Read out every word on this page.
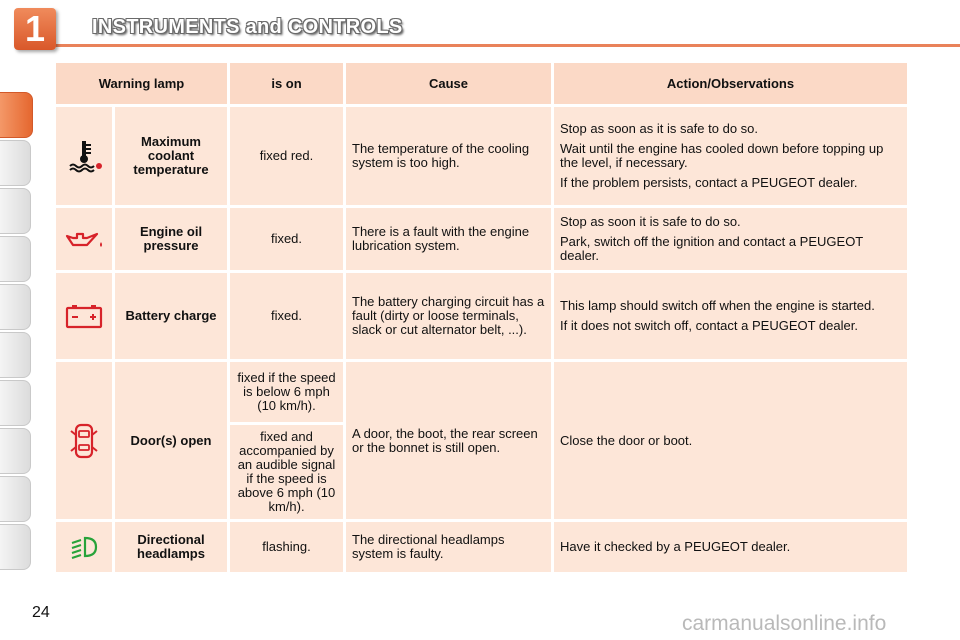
1	INSTRUMENTS and CONTROLS
Warning lamp		is on	Cause	Action/Observations

	Maximum coolant temperature	fixed red.	The temperature of the cooling system is too high.	Stop as soon as it is safe to do so.

Wait until the engine has cooled down before topping up the level, if necessary.

If the problem persists, contact a PEUGEOT dealer.

	Engine oil pressure	fixed.	There is a fault with the engine lubrication system.	Stop as soon it is safe to do so.

Park, switch off the ignition and contact a PEUGEOT dealer.

	Battery charge	fixed.	The battery charging circuit has a fault (dirty or loose terminals, slack or cut alternator belt, ...).	This lamp should switch off when the engine is started.

If it does not switch off, contact a PEUGEOT dealer.

	Door(s) open	fixed if the speed is below 6 mph (10 km/h).	A door, the boot, the rear screen or the bonnet is still open.	Close the door or boot.

		fixed and accompanied by an audible signal if the speed is above 6 mph (10 km/h).		

	Directional headlamps	flashing.	The directional headlamps system is faulty.	Have it checked by a PEUGEOT dealer.

24	carmanualsonline.info
